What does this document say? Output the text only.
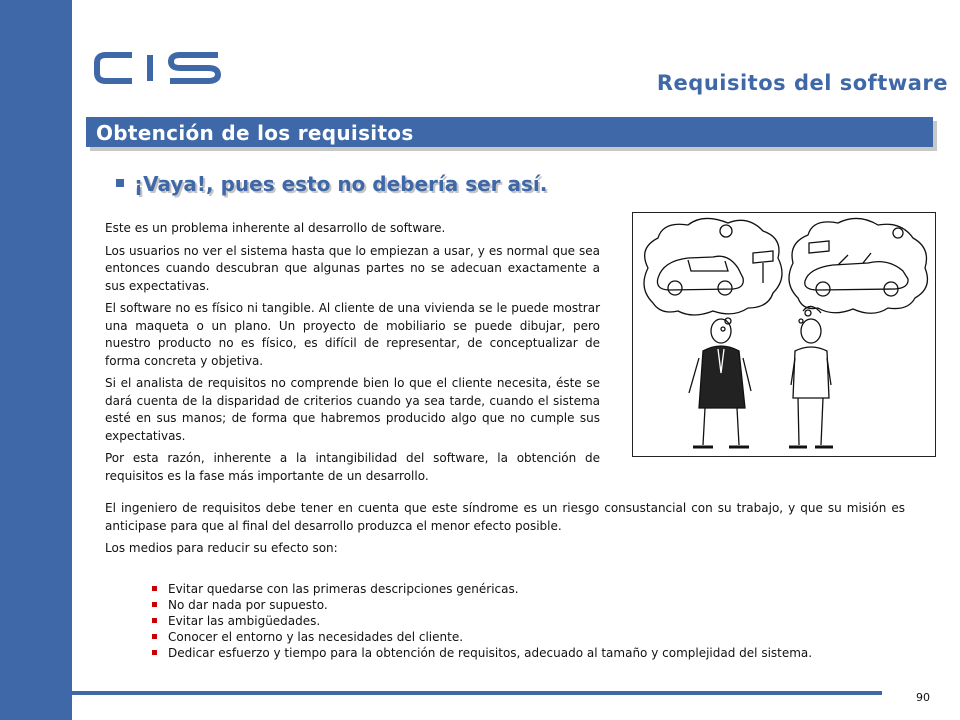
Requisitos del software
Obtención de los requisitos
¡Vaya!, pues esto no debería ser así.

Este es un problema inherente al desarrollo de software.

Los usuarios no ver el sistema hasta que lo empiezan a usar, y es normal que sea entonces cuando descubran que algunas partes no se adecuan exactamente a sus expectativas.

El software no es físico ni tangible. Al cliente de una vivienda se le puede mostrar una maqueta o un plano. Un proyecto de mobiliario se puede dibujar, pero nuestro producto no es físico, es difícil de representar, de conceptualizar de forma concreta y objetiva.

Si el analista de requisitos no comprende bien lo que el cliente necesita, éste se dará cuenta de la disparidad de criterios cuando ya sea tarde, cuando el sistema esté en sus manos; de forma que habremos producido algo que no cumple sus expectativas.

Por esta razón, inherente a la intangibilidad del software, la obtención de requisitos es la fase más importante de un desarrollo.

El ingeniero de requisitos debe tener en cuenta que este síndrome es un riesgo consustancial con su trabajo, y que su misión es anticipase para que al final del desarrollo produzca el menor efecto posible.

Los medios para reducir su efecto son:

Evitar quedarse con las primeras descripciones genéricas.
No dar nada por supuesto.
Evitar las ambigüedades.
Conocer el entorno y las necesidades del cliente.
Dedicar esfuerzo y tiempo para la obtención de requisitos, adecuado al tamaño y complejidad del sistema.
90
